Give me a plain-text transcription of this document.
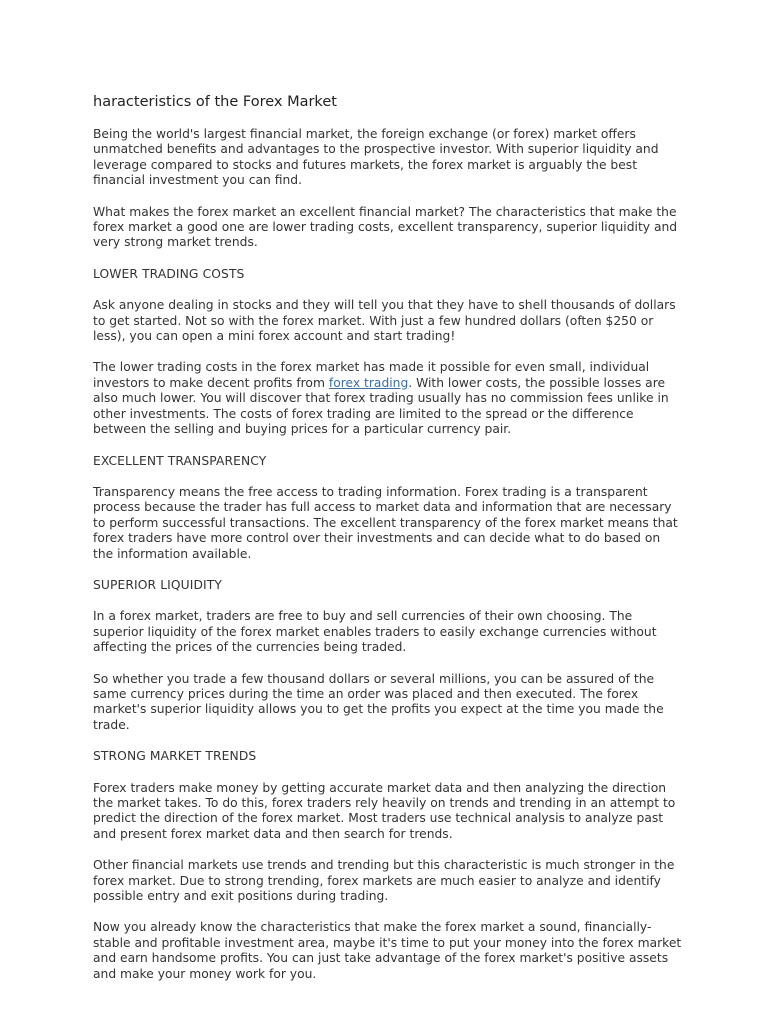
haracteristics of the Forex Market

Being the world's largest financial market, the foreign exchange (or forex) market offers unmatched benefits and advantages to the prospective investor. With superior liquidity and leverage compared to stocks and futures markets, the forex market is arguably the best financial investment you can find.

What makes the forex market an excellent financial market? The characteristics that make the forex market a good one are lower trading costs, excellent transparency, superior liquidity and very strong market trends.

LOWER TRADING COSTS

Ask anyone dealing in stocks and they will tell you that they have to shell thousands of dollars to get started. Not so with the forex market. With just a few hundred dollars (often $250 or less), you can open a mini forex account and start trading!

The lower trading costs in the forex market has made it possible for even small, individual investors to make decent profits from forex trading. With lower costs, the possible losses are also much lower. You will discover that forex trading usually has no commission fees unlike in other investments. The costs of forex trading are limited to the spread or the difference between the selling and buying prices for a particular currency pair.

EXCELLENT TRANSPARENCY

Transparency means the free access to trading information. Forex trading is a transparent process because the trader has full access to market data and information that are necessary to perform successful transactions. The excellent transparency of the forex market means that forex traders have more control over their investments and can decide what to do based on the information available.

SUPERIOR LIQUIDITY

In a forex market, traders are free to buy and sell currencies of their own choosing. The superior liquidity of the forex market enables traders to easily exchange currencies without affecting the prices of the currencies being traded.

So whether you trade a few thousand dollars or several millions, you can be assured of the same currency prices during the time an order was placed and then executed. The forex market's superior liquidity allows you to get the profits you expect at the time you made the trade.

STRONG MARKET TRENDS

Forex traders make money by getting accurate market data and then analyzing the direction the market takes. To do this, forex traders rely heavily on trends and trending in an attempt to predict the direction of the forex market. Most traders use technical analysis to analyze past and present forex market data and then search for trends.

Other financial markets use trends and trending but this characteristic is much stronger in the forex market. Due to strong trending, forex markets are much easier to analyze and identify possible entry and exit positions during trading.

Now you already know the characteristics that make the forex market a sound, financially-stable and profitable investment area, maybe it's time to put your money into the forex market and earn handsome profits. You can just take advantage of the forex market's positive assets and make your money work for you.
